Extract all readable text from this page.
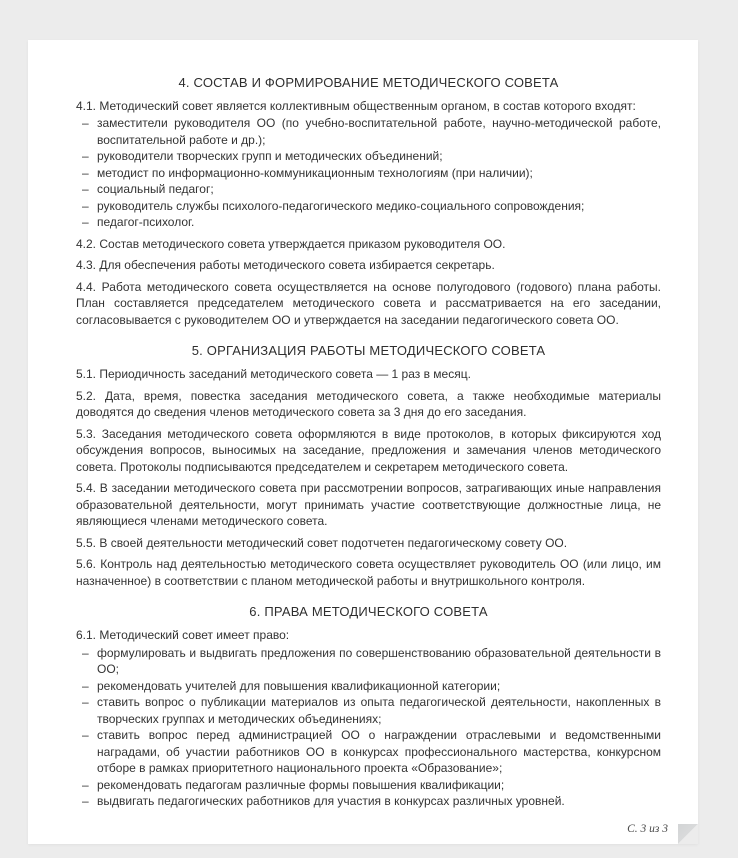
4. СОСТАВ И ФОРМИРОВАНИЕ МЕТОДИЧЕСКОГО СОВЕТА

4.1. Методический совет является коллективным общественным органом, в состав которого входят:

– заместители руководителя ОО (по учебно-воспитательной работе, научно-методической работе, воспитательной работе и др.);
– руководители творческих групп и методических объединений;
– методист по информационно-коммуникационным технологиям (при наличии);
– социальный педагог;
– руководитель службы психолого-педагогического медико-социального сопровождения;
– педагог-психолог.

4.2. Состав методического совета утверждается приказом руководителя ОО.

4.3. Для обеспечения работы методического совета избирается секретарь.

4.4. Работа методического совета осуществляется на основе полугодового (годового) плана работы. План составляется председателем методического совета и рассматривается на его заседании, согласовывается с руководителем ОО и утверждается на заседании педагогического совета ОО.

5. ОРГАНИЗАЦИЯ РАБОТЫ МЕТОДИЧЕСКОГО СОВЕТА

5.1. Периодичность заседаний методического совета — 1 раз в месяц.

5.2. Дата, время, повестка заседания методического совета, а также необходимые материалы доводятся до сведения членов методического совета за 3 дня до его заседания.

5.3. Заседания методического совета оформляются в виде протоколов, в которых фиксируются ход обсуждения вопросов, выносимых на заседание, предложения и замечания членов методического совета. Протоколы подписываются председателем и секретарем методического совета.

5.4. В заседании методического совета при рассмотрении вопросов, затрагивающих иные направления образовательной деятельности, могут принимать участие соответствующие должностные лица, не являющиеся членами методического совета.

5.5. В своей деятельности методический совет подотчетен педагогическому совету ОО.

5.6. Контроль над деятельностью методического совета осуществляет руководитель ОО (или лицо, им назначенное) в соответствии с планом методической работы и внутришкольного контроля.

6. ПРАВА МЕТОДИЧЕСКОГО СОВЕТА

6.1. Методический совет имеет право:

– формулировать и выдвигать предложения по совершенствованию образовательной деятельности в ОО;
– рекомендовать учителей для повышения квалификационной категории;
– ставить вопрос о публикации материалов из опыта педагогической деятельности, накопленных в творческих группах и методических объединениях;
– ставить вопрос перед администрацией ОО о награждении отраслевыми и ведомственными наградами, об участии работников ОО в конкурсах профессионального мастерства, конкурсном отборе в рамках приоритетного национального проекта «Образование»;
– рекомендовать педагогам различные формы повышения квалификации;
– выдвигать педагогических работников для участия в конкурсах различных уровней.
С. 3 из 3
